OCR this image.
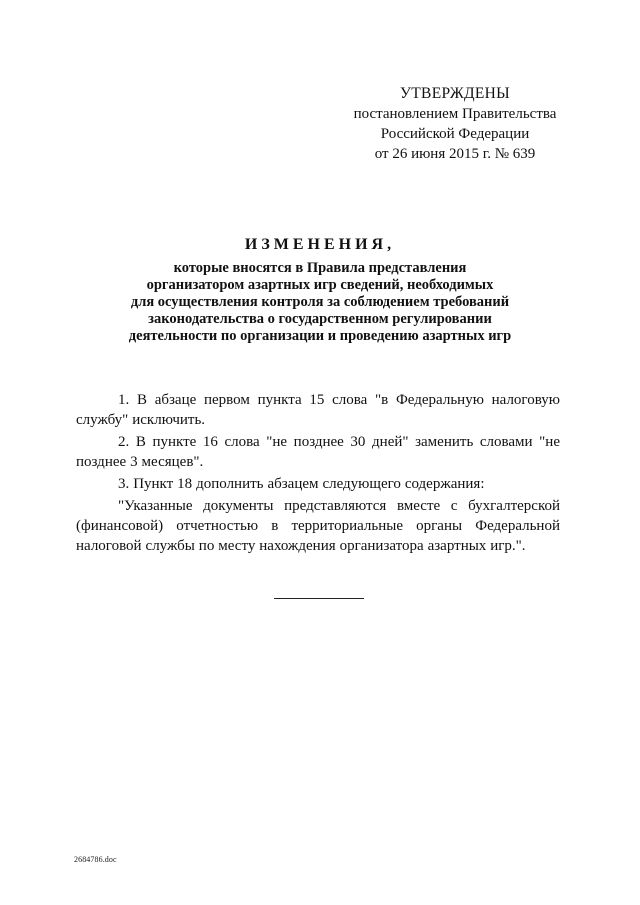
УТВЕРЖДЕНЫ
постановлением Правительства
Российской Федерации
от 26 июня 2015 г. № 639
ИЗМЕНЕНИЯ,
которые вносятся в Правила представления
организатором азартных игр сведений, необходимых
для осуществления контроля за соблюдением требований
законодательства о государственном регулировании
деятельности по организации и проведению азартных игр

1. В абзаце первом пункта 15 слова "в Федеральную налоговую службу" исключить.

2. В пункте 16 слова "не позднее 30 дней" заменить словами "не позднее 3 месяцев".

3. Пункт 18 дополнить абзацем следующего содержания:

"Указанные документы представляются вместе с бухгалтерской (финансовой) отчетностью в территориальные органы Федеральной налоговой службы по месту нахождения организатора азартных игр.".

2684786.doc
